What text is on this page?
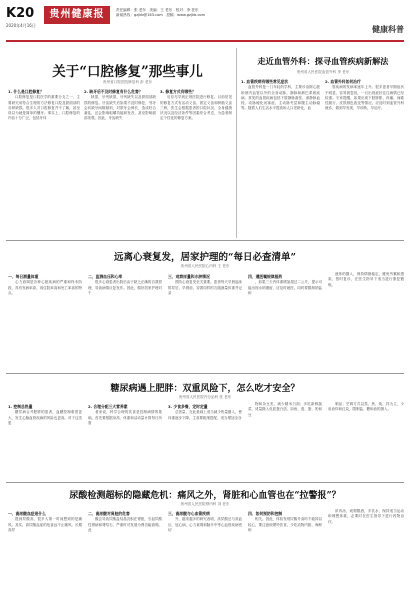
K20
2020年4月16日
贵州健康报	责任编辑：张 老东　美编：王 老东　校对：李 老东
新闻热线：gzjkb@163.com　投稿：www.gzjkb.com
健康科普
关于“口腔修复”那些事儿
贵州省口腔医院修复科 彭 老东

1. 什么是口腔修复？

口腔修复是口腔医学的重要分支之一，主要研究用符合生理的方法修复口腔及颌面部的各种缺损。很多人对口腔修复并不了解，甚至误以为就是简单的镶牙。事实上，口腔修复的内容十分广泛，包括牙体

2. 缺牙后不及时修复有什么危害？

缺损、牙列缺损、牙列缺失以及颌面部缺损的修复。牙齿缺失后如果不及时修复，邻牙会向缺牙间隙倾斜，对颌牙会伸长，造成咬合紊乱，还会影响咀嚼功能和发音，甚至影响面部美观。因此，牙齿缺失

3. 修复方式有哪些？

后应尽早到正规医院进行修复。目前常见的修复方式有活动义齿、固定义齿和种植义齿三种，医生会根据患者的口腔状况、全身健康状况以及经济条件等因素综合考虑，为患者制定个性化的修复方案。

走近血管外科：探寻血管疾病新解法
贵州省人民医院血管外科 李 老东

1. 血管疾病有哪些常见症状

血管外科是一门年轻的学科，主要诊治除心脏和颅内血管以外的全身动脉、静脉和淋巴系统疾病。常见的血管疾病包括下肢静脉曲张、深静脉血栓、动脉硬化闭塞症、主动脉夹层和腹主动脉瘤等。随着人们生活水平提高和人口老龄化，血

2. 血管外科如何治疗

管疾病的发病率逐年上升。很多患者早期症状不明显，容易被忽视，一旦出现症状往往病情已经较重。专家提醒，如果出现下肢肿胀、疼痛、间歇性跛行、皮肤颜色改变等情况，应及时到血管外科就诊，做到早发现、早诊断、早治疗。

远离心衰复发，居家护理的“每日必查清单”
贵州省人民医院心内科 王 老东

一、每日测量体重

心力衰竭是各种心脏疾病的严重和终末阶段，具有发病率高、再住院率高和死亡率高的特点。

二、监测血压和心率

很多心衰患者出院后由于缺乏正确的自我管理，导致病情反复发作。因此，做好居家护理对于

三、观察尿量和水肿情况

预防心衰复发至关重要。患者每天早晨起床排尿后、早餐前，穿着同样的衣服测量体重并记录

四、遵医嘱规律服药

，如果三天内体重增加超过二公斤，提示可能出现水钠潴留，应及时就医。同时要限制钠盐和

液体的摄入，保持情绪稳定，避免劳累和感染，按时复诊，在医生指导下适当进行康复锻炼。

糖尿病遇上肥胖：双重风险下，怎么吃才安全？
贵州省人民医院内分泌科 张 老东

1. 控制总热量

糖尿病合并肥胖的患者，血糖控制难度更大，发生心脑血管疾病的风险也更高。对于这类患

2. 合理分配三大营养素

者来说，科学合理的饮食是控制病情的基础。首先要根据身高、体重和活动量计算每日所需

3. 少食多餐，定时定量

总热量，在此基础上适当减少热量摄入，使体重逐步下降。主食要粗细搭配，适当增加全谷

物和杂豆类，减少精米白面；多吃新鲜蔬菜，适量摄入优质蛋白质，如鱼、禽、蛋、奶和豆

制品；烹调方式以蒸、煮、炖、拌为主，少用油炸和红烧，限制盐、糖和油的摄入。

尿酸检测超标的隐藏危机：痛风之外，肾脏和心血管也在“拉警报”？
贵州省人民医院肾内科 刘 老东

一、高尿酸血症是什么

提到尿酸高，很多人第一时间想到的是痛风。其实，高尿酸血症的危害远不止痛风。长期高尿

二、高尿酸对肾脏的危害

酸会导致尿酸盐结晶沉积在肾脏，引起尿酸性肾病和肾结石，严重时可发展为肾功能衰竭。此

三、高尿酸与心血管疾病

外，越来越多的研究表明，高尿酸还与高血压、冠心病、心力衰竭和脑卒中等心血管疾病密切

四、如何预防和控制

相关。因此，体检发现尿酸升高时不能掉以轻心，要注意低嘌呤饮食，少吃动物内脏、海鲜和

浓肉汤，戒烟限酒，多饮水，保持适当运动和理想体重，必要时在医生指导下进行药物治疗。
